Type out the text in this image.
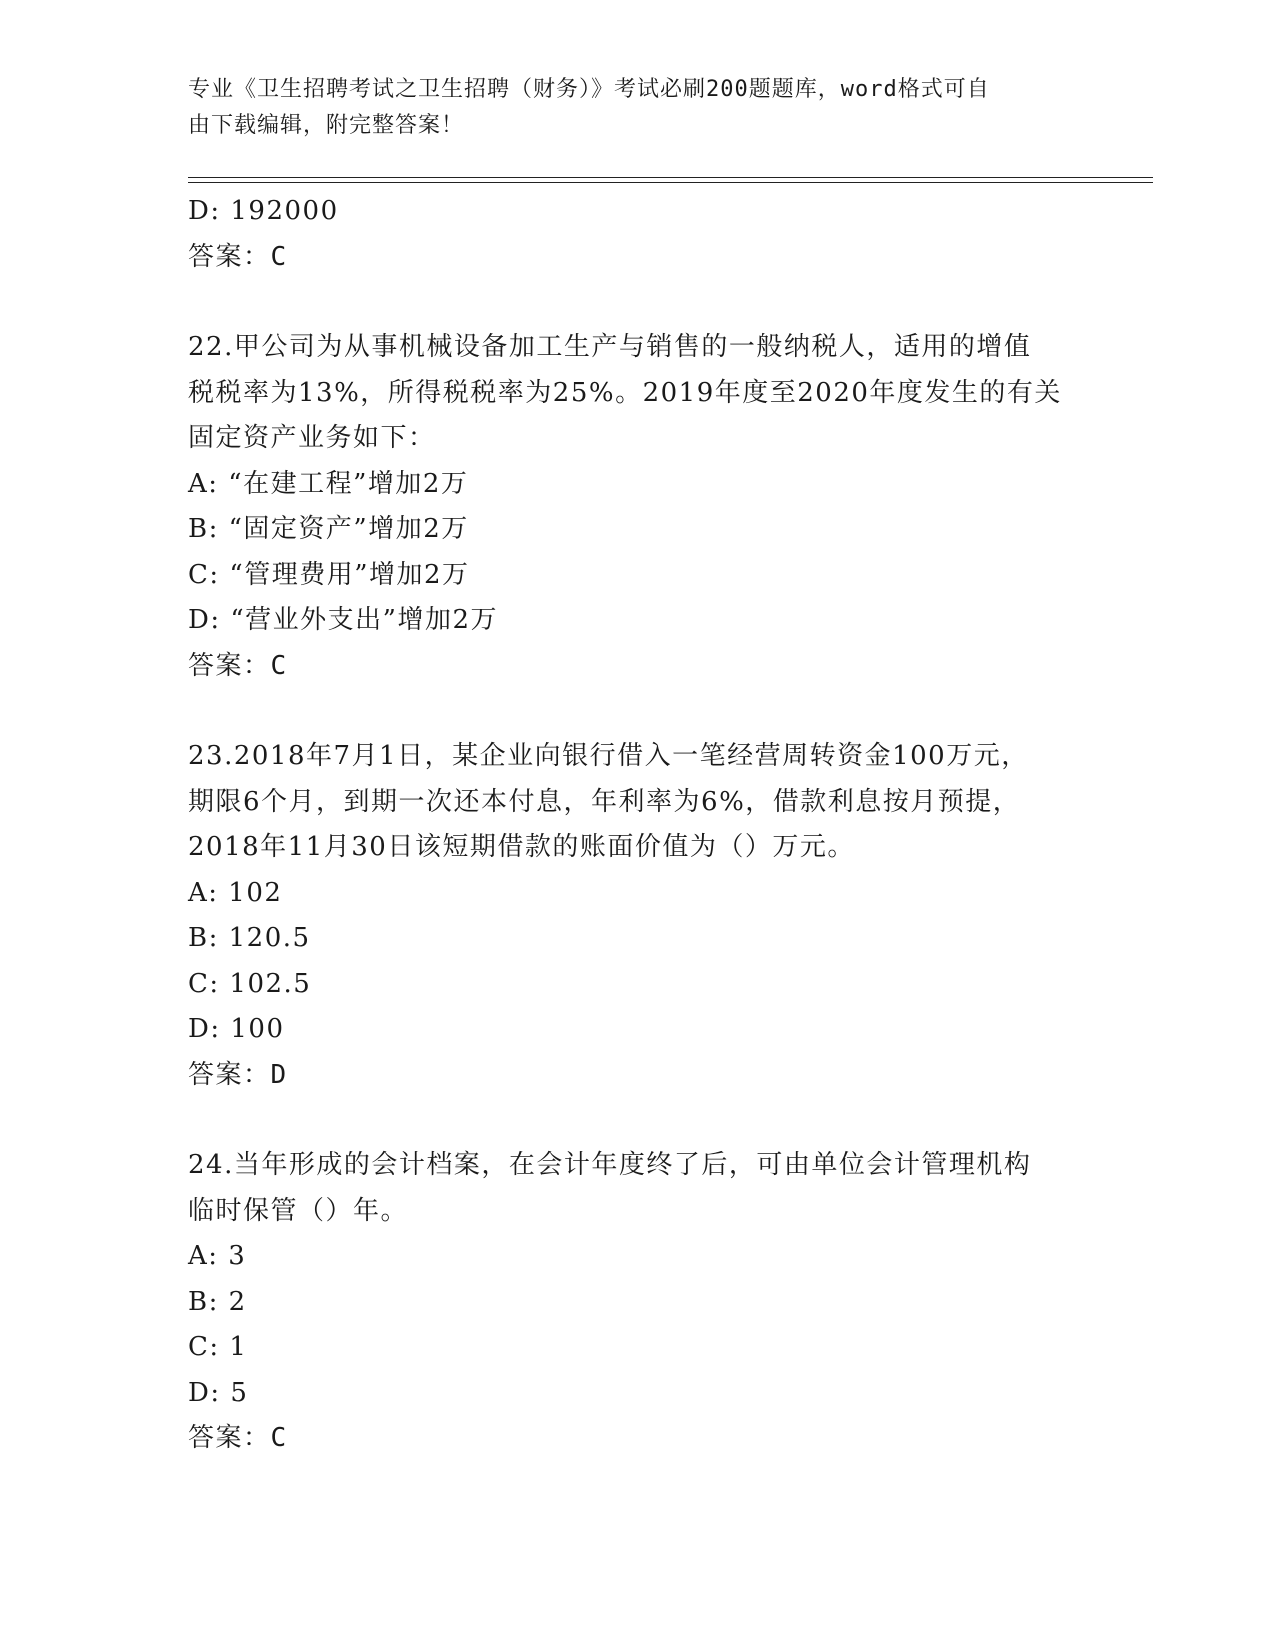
专业《卫生招聘考试之卫生招聘（财务）》考试必刷200题题库，word格式可自
由下载编辑，附完整答案！
D: 192000
答案：C
22.甲公司为从事机械设备加工生产与销售的一般纳税人，适用的增值
税税率为13%，所得税税率为25%。2019年度至2020年度发生的有关
固定资产业务如下：
A: “在建工程”增加2万
B: “固定资产”增加2万
C: “管理费用”增加2万
D: “营业外支出”增加2万
答案：C
23.2018年7月1日，某企业向银行借入一笔经营周转资金100万元，
期限6个月，到期一次还本付息，年利率为6%，借款利息按月预提，
2018年11月30日该短期借款的账面价值为（）万元。
A: 102
B: 120.5
C: 102.5
D: 100
答案：D
24.当年形成的会计档案，在会计年度终了后，可由单位会计管理机构
临时保管（）年。
A: 3
B: 2
C: 1
D: 5
答案：C
